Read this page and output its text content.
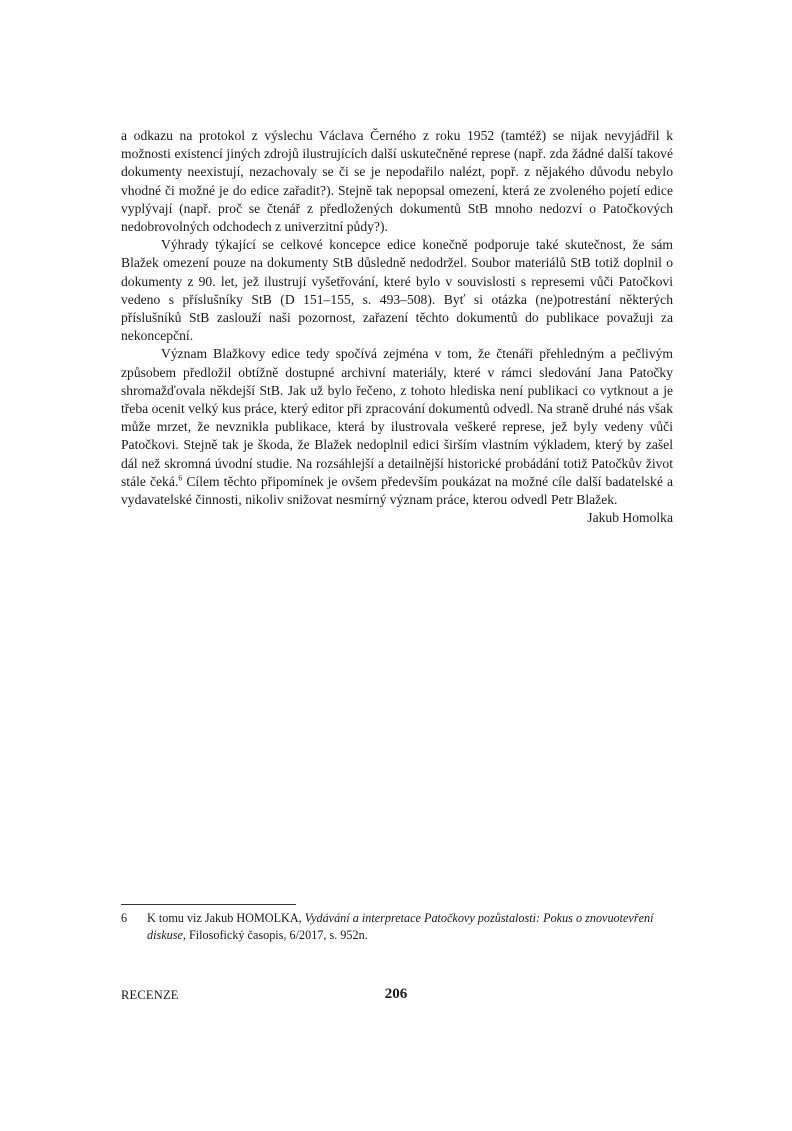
a odkazu na protokol z výslechu Václava Černého z roku 1952 (tamtéž) se nijak nevyjádřil k možnosti existencí jiných zdrojů ilustrujících další uskutečněné represe (např. zda žádné další takové dokumenty neexistují, nezachovaly se či se je nepodařilo nalézt, popř. z nějakého důvodu nebylo vhodné či možné je do edice zařadit?). Stejně tak nepopsal omezení, která ze zvoleného pojetí edice vyplývají (např. proč se čtenář z předložených dokumentů StB mnoho nedozví o Patočkových nedobrovolných odchodech z univerzitní půdy?).

Výhrady týkající se celkové koncepce edice konečně podporuje také skutečnost, že sám Blažek omezení pouze na dokumenty StB důsledně nedodržel. Soubor materiálů StB totiž doplnil o dokumenty z 90. let, jež ilustrují vyšetřování, které bylo v souvislosti s represemi vůči Patočkovi vedeno s příslušníky StB (D 151–155, s. 493–508). Byť si otázka (ne)potrestání některých příslušníků StB zaslouží naši pozornost, zařazení těchto dokumentů do publikace považuji za nekoncepční.

Význam Blažkovy edice tedy spočívá zejména v tom, že čtenáři přehledným a pečlivým způsobem předložil obtížně dostupné archivní materiály, které v rámci sledování Jana Patočky shromažďovala někdejší StB. Jak už bylo řečeno, z tohoto hlediska není publikaci co vytknout a je třeba ocenit velký kus práce, který editor při zpracování dokumentů odvedl. Na straně druhé nás však může mrzet, že nevznikla publikace, která by ilustrovala veškeré represe, jež byly vedeny vůči Patočkovi. Stejně tak je škoda, že Blažek nedoplnil edici širším vlastním výkladem, který by zašel dál než skromná úvodní studie. Na rozsáhlejší a detailnější historické probádání totiž Patočkův život stále čeká.$^6$ Cílem těchto připomínek je ovšem především poukázat na možné cíle další badatelské a vydavatelské činnosti, nikoliv snižovat nesmírný význam práce, kterou odvedl Petr Blažek.

Jakub Homolka

6 K tomu viz Jakub HOMOLKA, Vydávání a interpretace Patočkovy pozůstalosti: Pokus o znovuotevření diskuse, Filosofický časopis, 6/2017, s. 952n.
RECENZE	206
